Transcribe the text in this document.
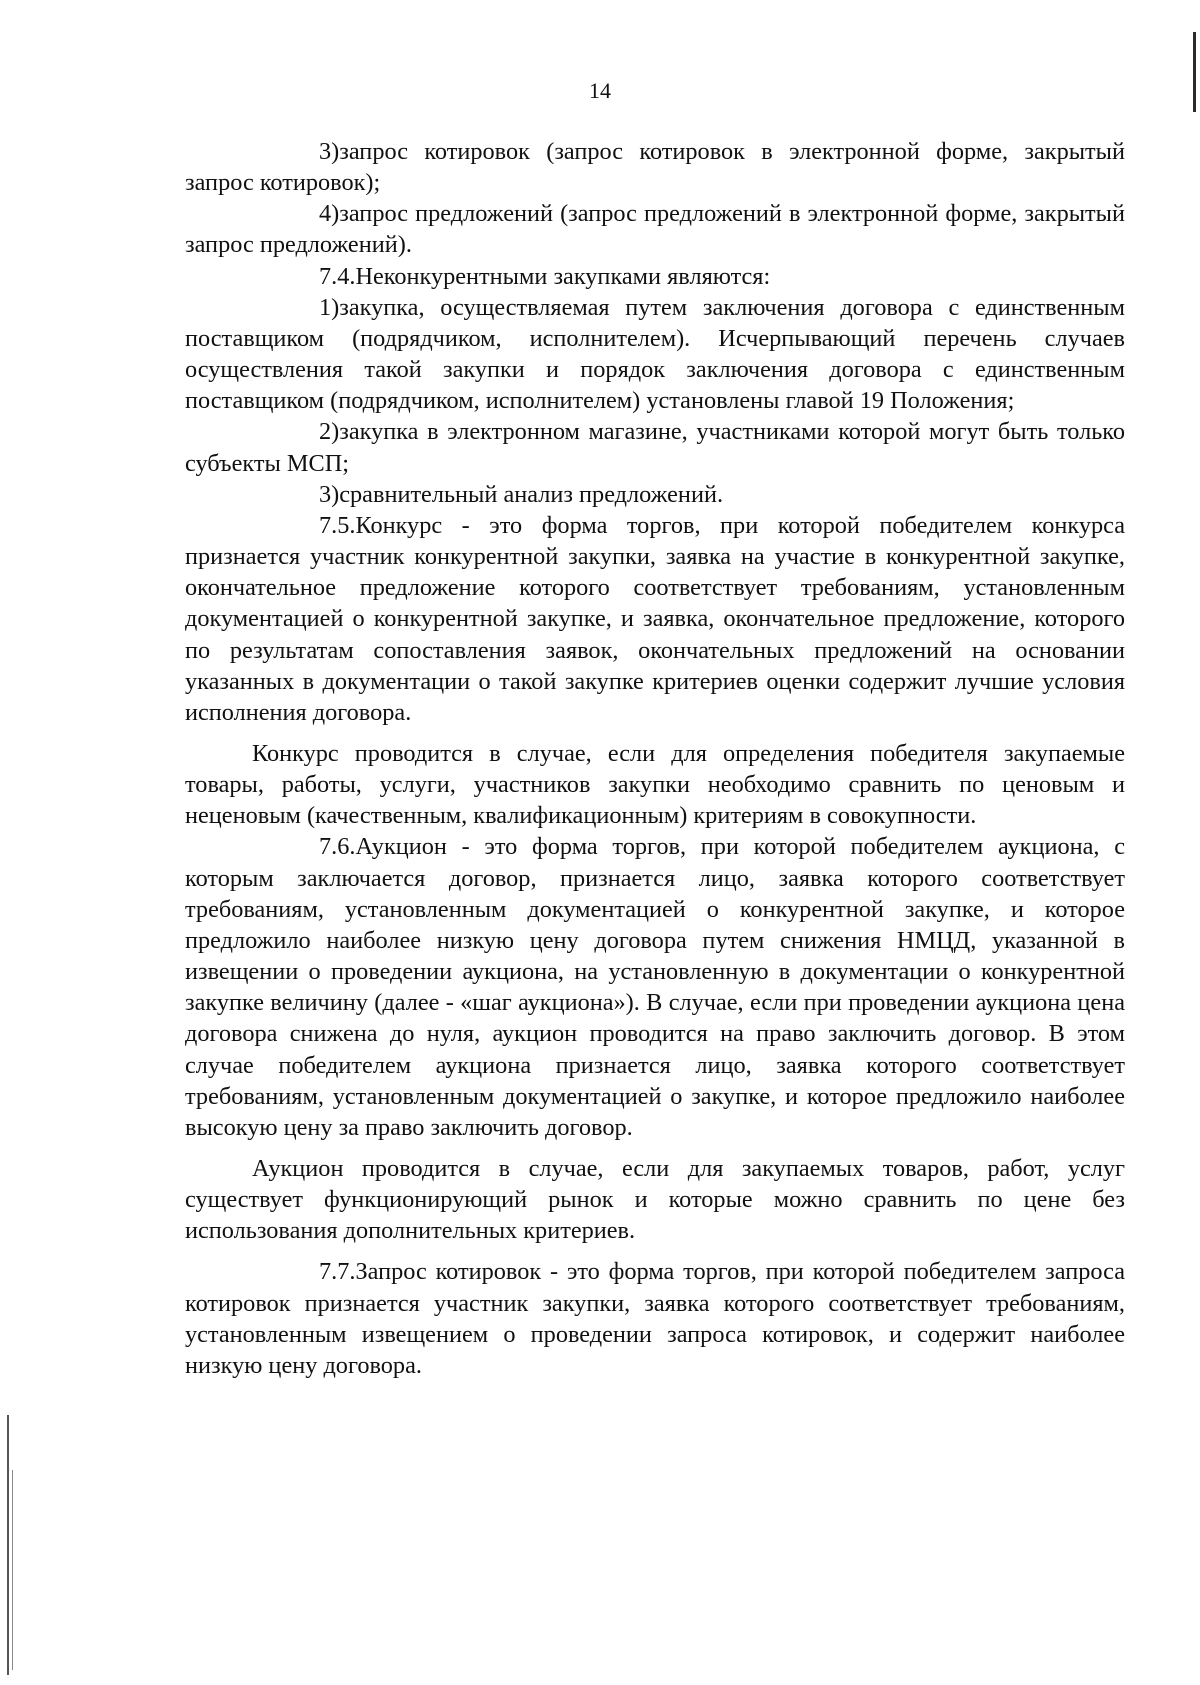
14

3)запрос котировок (запрос котировок в электронной форме, закрытый запрос котировок);

4)запрос предложений (запрос предложений в электронной форме, закрытый запрос предложений).

7.4.Неконкурентными закупками являются:

1)закупка, осуществляемая путем заключения договора с единственным поставщиком (подрядчиком, исполнителем). Исчерпывающий перечень случаев осуществления такой закупки и порядок заключения договора с единственным поставщиком (подрядчиком, исполнителем) установлены главой 19 Положения;

2)закупка в электронном магазине, участниками которой могут быть только субъекты МСП;

3)сравнительный анализ предложений.

7.5.Конкурс - это форма торгов, при которой победителем конкурса признается участник конкурентной закупки, заявка на участие в конкурентной закупке, окончательное предложение которого соответствует требованиям, установленным документацией о конкурентной закупке, и заявка, окончательное предложение, которого по результатам сопоставления заявок, окончательных предложений на основании указанных в документации о такой закупке критериев оценки содержит лучшие условия исполнения договора.

Конкурс проводится в случае, если для определения победителя закупаемые товары, работы, услуги, участников закупки необходимо сравнить по ценовым и неценовым (качественным, квалификационным) критериям в совокупности.

7.6.Аукцион - это форма торгов, при которой победителем аукциона, с которым заключается договор, признается лицо, заявка которого соответствует требованиям, установленным документацией о конкурентной закупке, и которое предложило наиболее низкую цену договора путем снижения НМЦД, указанной в извещении о проведении аукциона, на установленную в документации о конкурентной закупке величину (далее - «шаг аукциона»). В случае, если при проведении аукциона цена договора снижена до нуля, аукцион проводится на право заключить договор. В этом случае победителем аукциона признается лицо, заявка которого соответствует требованиям, установленным документацией о закупке, и которое предложило наиболее высокую цену за право заключить договор.

Аукцион проводится в случае, если для закупаемых товаров, работ, услуг существует функционирующий рынок и которые можно сравнить по цене без использования дополнительных критериев.

7.7.Запрос котировок - это форма торгов, при которой победителем запроса котировок признается участник закупки, заявка которого соответствует требованиям, установленным извещением о проведении запроса котировок, и содержит наиболее низкую цену договора.
